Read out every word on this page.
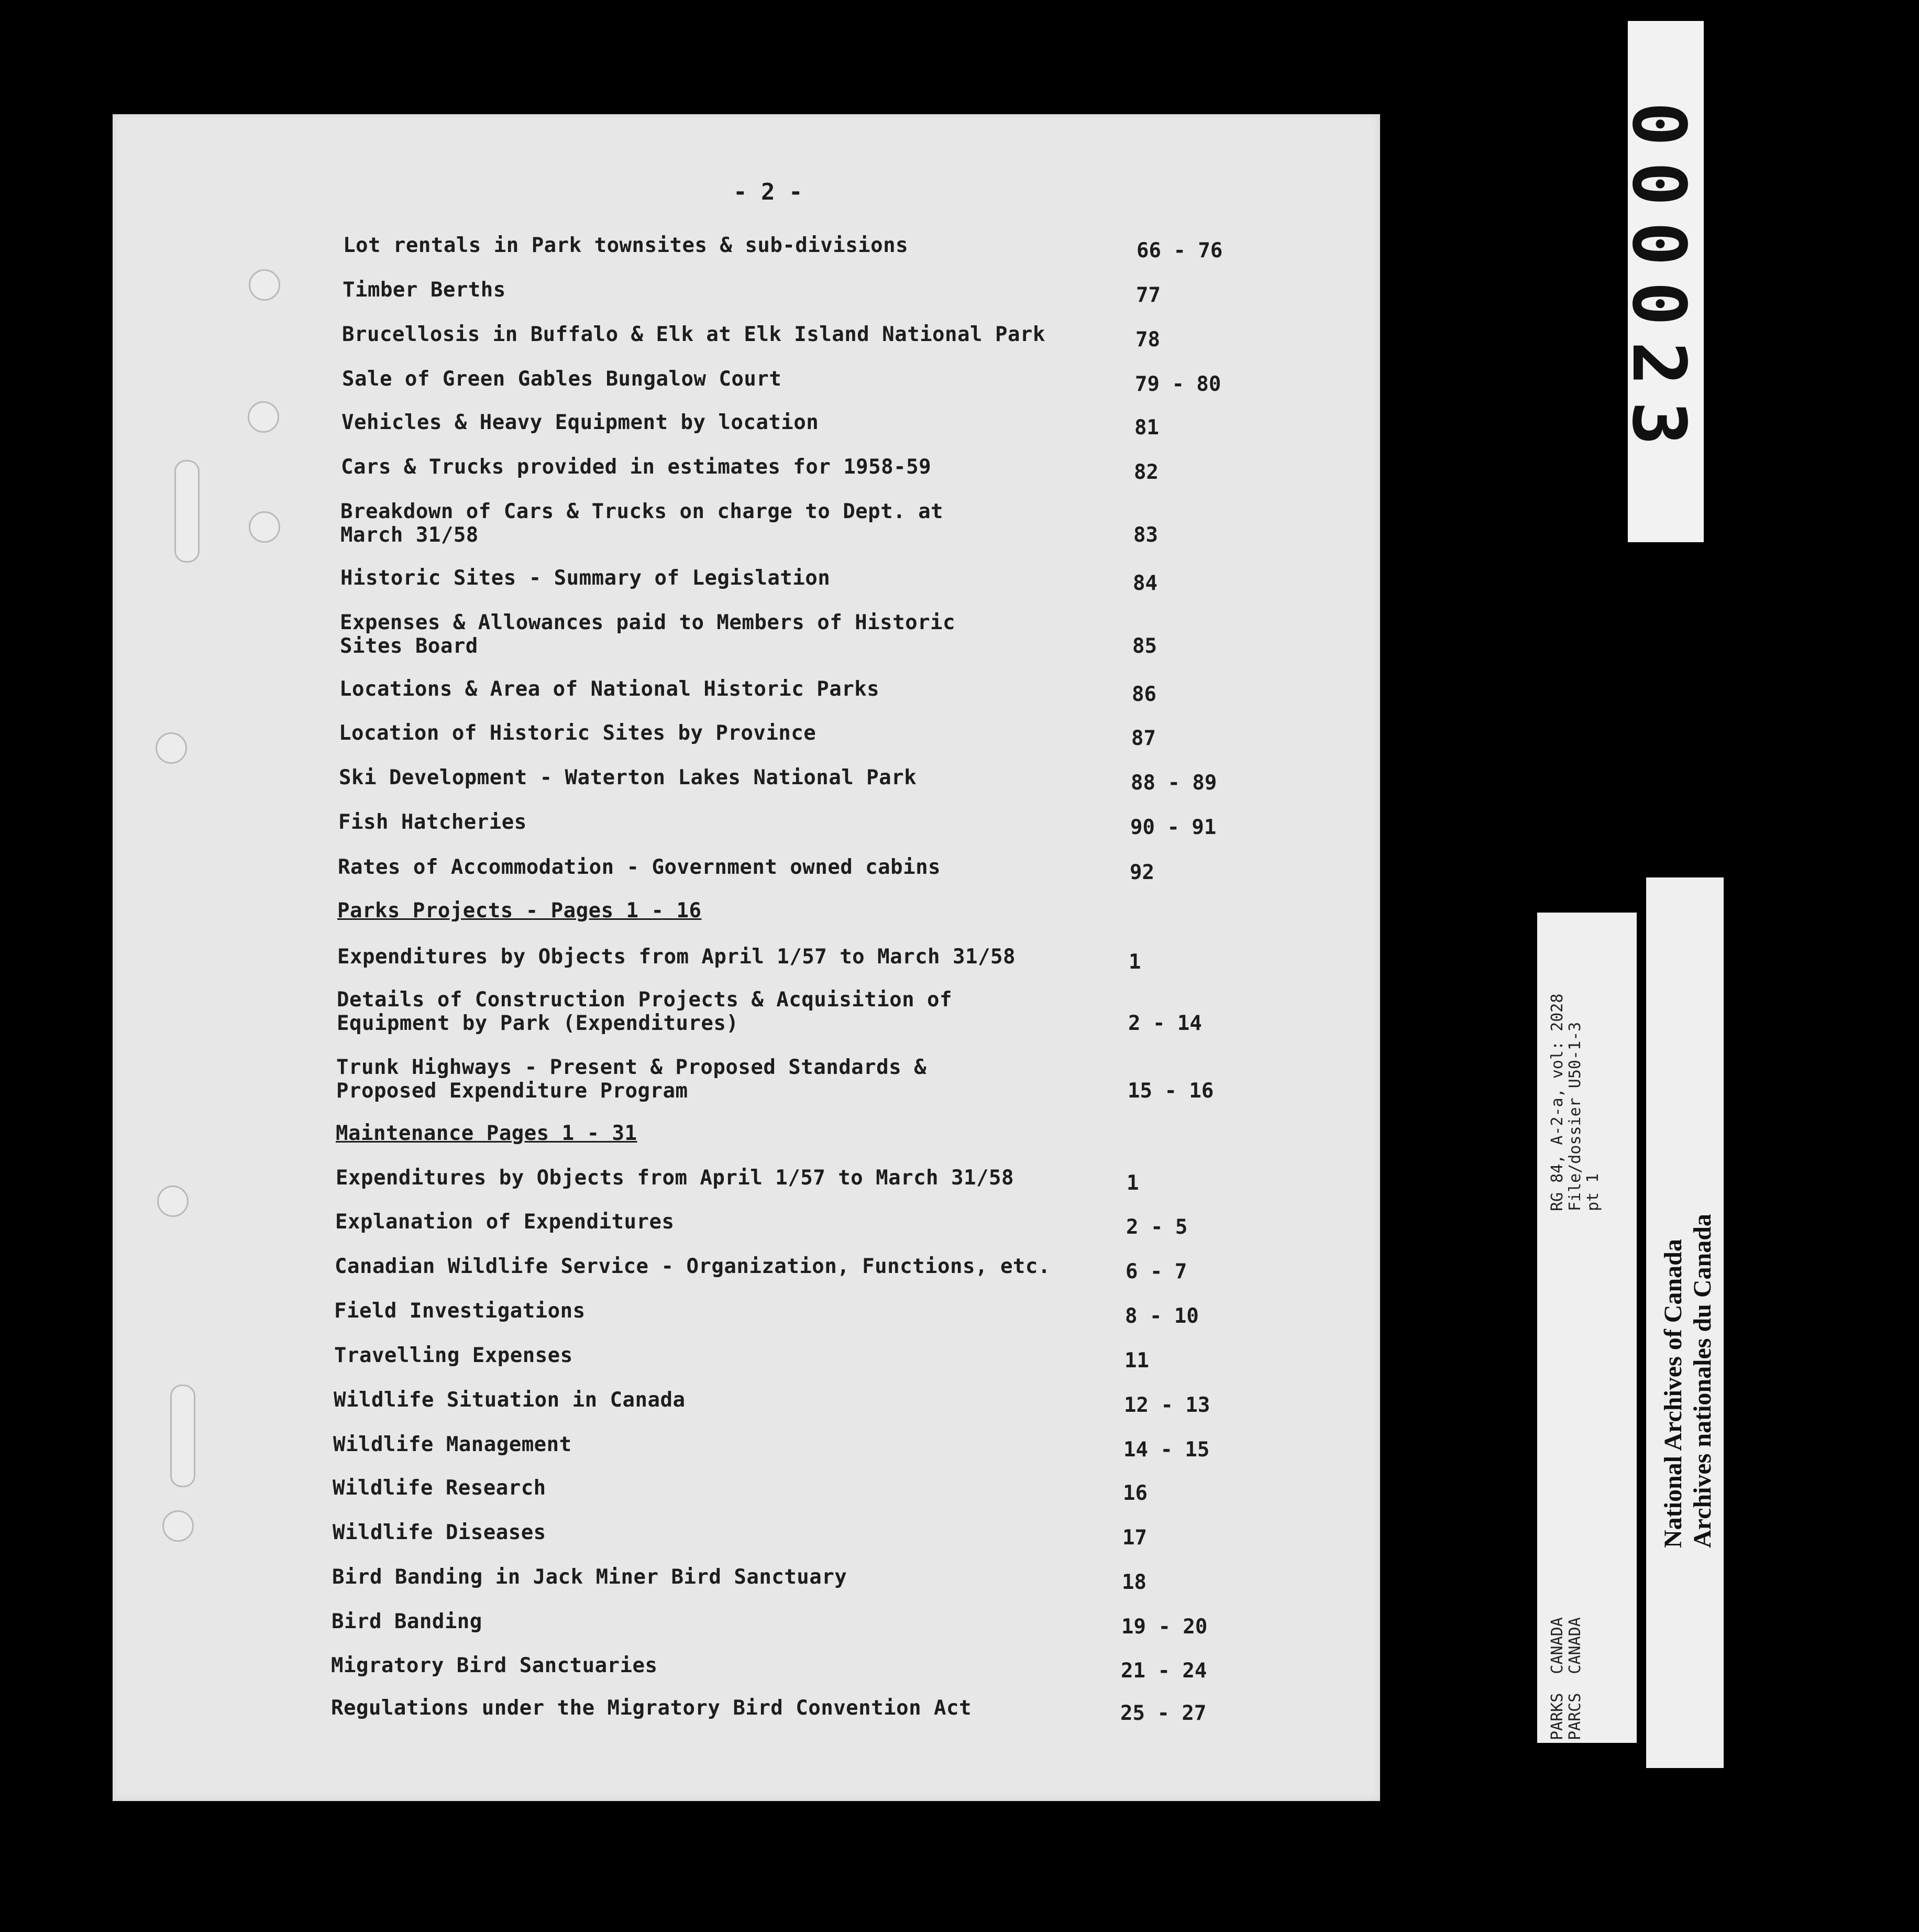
- 2 -
Lot rentals in Park townsites & sub-divisions	66 - 76
Timber Berths	77
Brucellosis in Buffalo & Elk at Elk Island National Park	78
Sale of Green Gables Bungalow Court	79 - 80
Vehicles & Heavy Equipment by location	81
Cars & Trucks provided in estimates for 1958-59	82
Breakdown of Cars & Trucks on charge to Dept. at
March 31/58	83
Historic Sites - Summary of Legislation	84
Expenses & Allowances paid to Members of Historic
Sites Board	85
Locations & Area of National Historic Parks	86
Location of Historic Sites by Province	87
Ski Development - Waterton Lakes National Park	88 - 89
Fish Hatcheries	90 - 91
Rates of Accommodation - Government owned cabins	92
Parks Projects - Pages 1 - 16
Expenditures by Objects from April 1/57 to March 31/58	1
Details of Construction Projects & Acquisition of
Equipment by Park (Expenditures)	2 - 14
Trunk Highways - Present & Proposed Standards &
Proposed Expenditure Program	15 - 16
Maintenance Pages 1 - 31
Expenditures by Objects from April 1/57 to March 31/58	1
Explanation of Expenditures	2 - 5
Canadian Wildlife Service - Organization, Functions, etc.	6 - 7
Field Investigations	8 - 10
Travelling Expenses	11
Wildlife Situation in Canada	12 - 13
Wildlife Management	14 - 15
Wildlife Research	16
Wildlife Diseases	17
Bird Banding in Jack Miner Bird Sanctuary	18
Bird Banding	19 - 20
Migratory Bird Sanctuaries	21 - 24
Regulations under the Migratory Bird Convention Act	25 - 27
000023
PARKS  CANADA PARCS  CANADA
RG 84, A-2-a, vol: 2028 File/dossier U50-1-3 pt 1
National Archives of Canada Archives nationales du Canada
